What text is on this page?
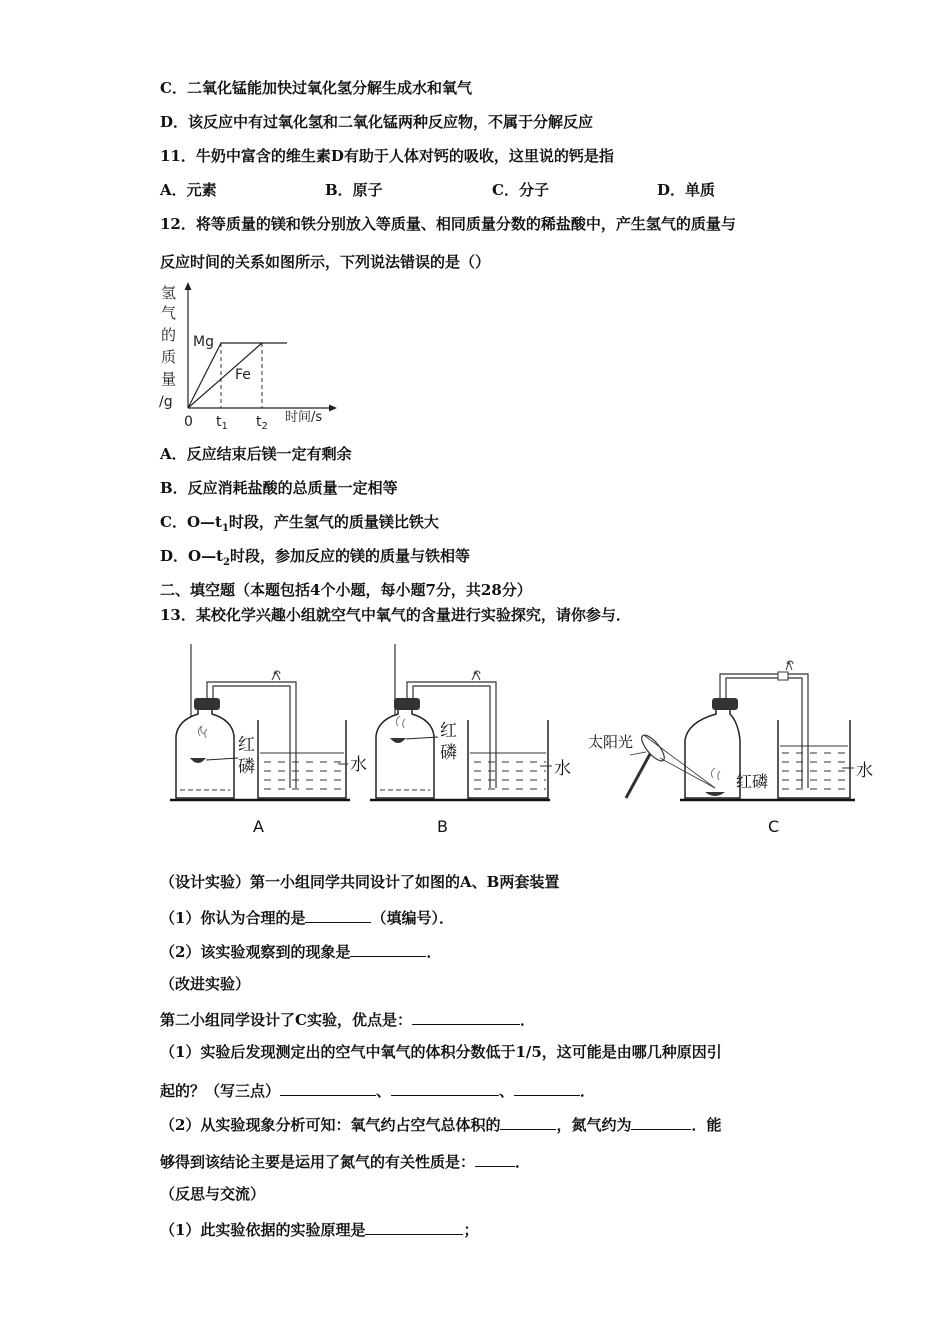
C．二氧化锰能加快过氧化氢分解生成水和氧气
D．该反应中有过氧化氢和二氧化锰两种反应物，不属于分解反应
11．牛奶中富含的维生素D有助于人体对钙的吸收，这里说的钙是指
A．元素	B．原子	C．分子	D．单质
12．将等质量的镁和铁分别放入等质量、相同质量分数的稀盐酸中，产生氢气的质量与
反应时间的关系如图所示，下列说法错误的是（）
氢
气
的
质
量
/g
Mg
Fe
0 $t_1$ $t_2$
时间/s
A．反应结束后镁一定有剩余
B．反应消耗盐酸的总质量一定相等
C．$O—t_1$时段，产生氢气的质量镁比铁大
D．$O—t_2$时段，参加反应的镁的质量与铁相等
二、填空题（本题包括4个小题，每小题7分，共28分）
13．某校化学兴趣小组就空气中氧气的含量进行实验探究，请你参与．
红磷	水
A
红磷
水
B
红磷
太阳光
水
C
（设计实验）第一小组同学共同设计了如图的A、B两套装置
（1）你认为合理的是	（填编号）．
（2）该实验观察到的现象是	．
（改进实验）
第二小组同学设计了C实验，优点是：	．
（1）实验后发现测定出的空气中氧气的体积分数低于1/5，这可能是由哪几种原因引
起的？（写三点）	、	、	．
（2）从实验现象分析可知：氧气约占空气总体积的	，氮气约为	．能
够得到该结论主要是运用了氮气的有关性质是：	．
（反思与交流）
（1）此实验依据的实验原理是	；
